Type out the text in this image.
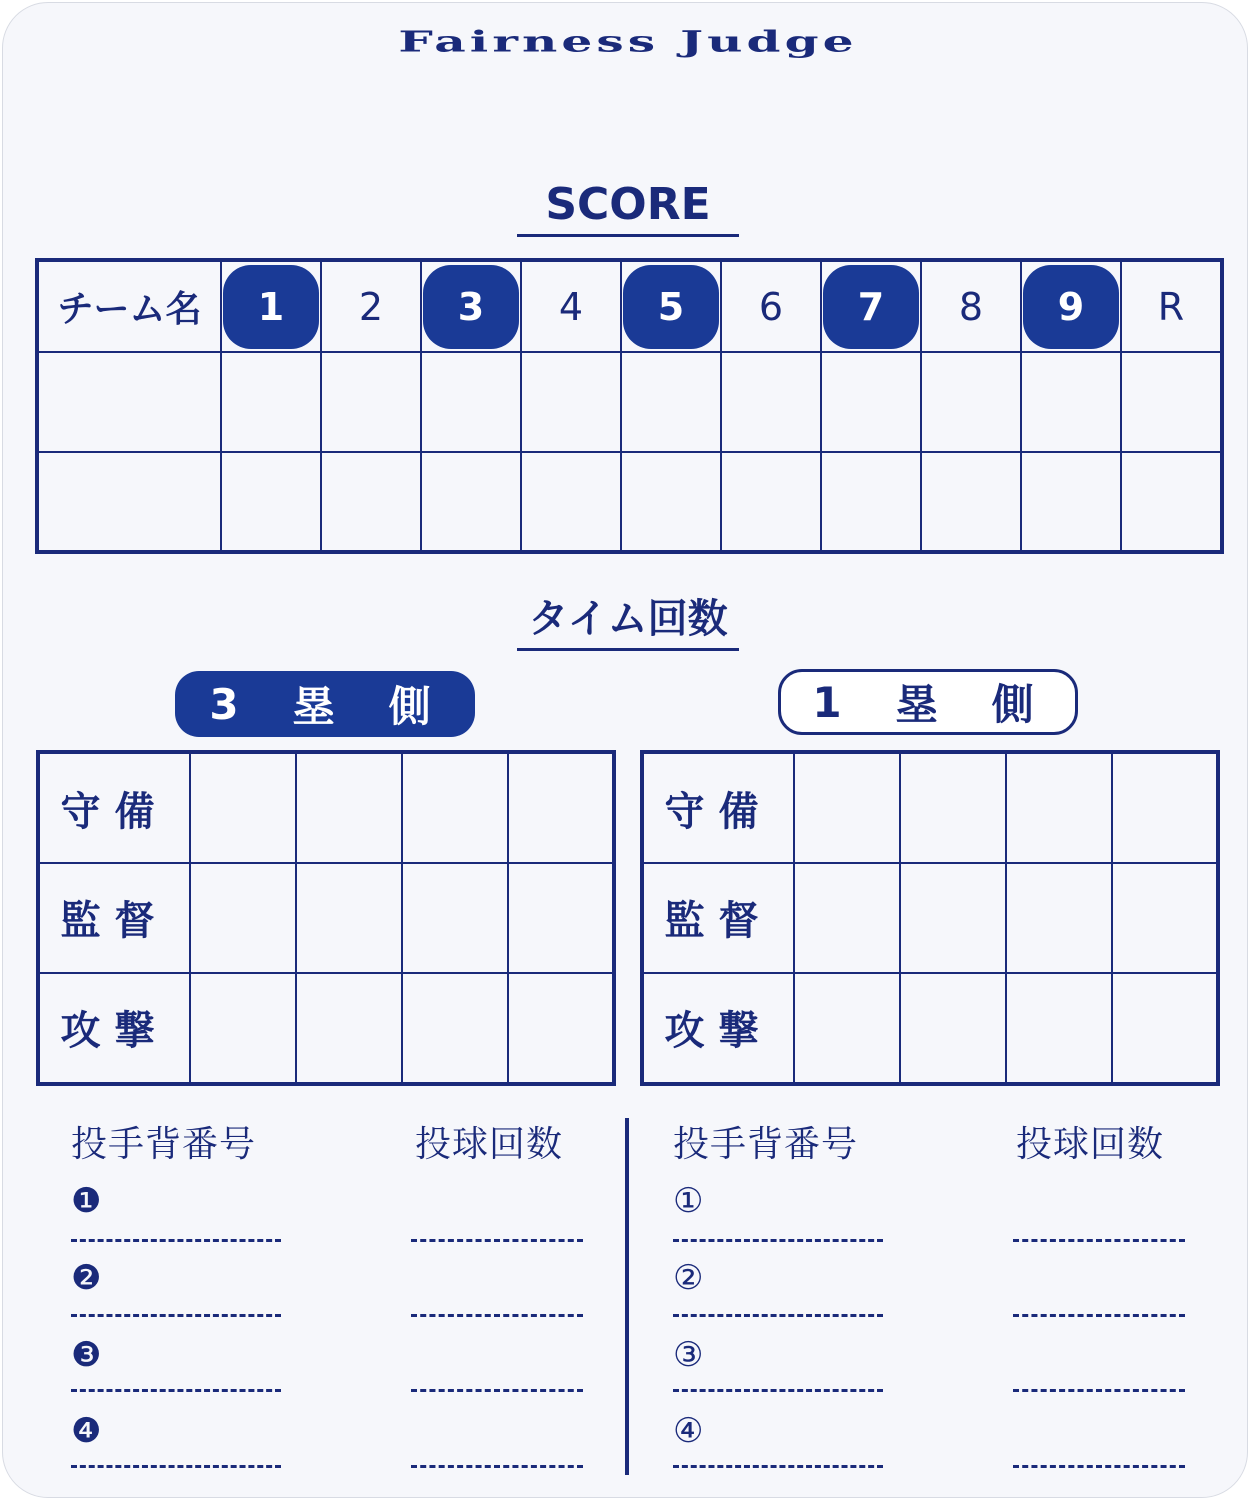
Fairness Judge
SCORE
チーム名	1	2	3	4	5	6	7	8	9	R

タイム回数
3 塁 側	1 塁 側
守備				
監督				
攻撃				
守備				
監督				
攻撃				
投手背番号	投球回数	投手背番号	投球回数
❶
❷
❸
❹
①
②
③
④
